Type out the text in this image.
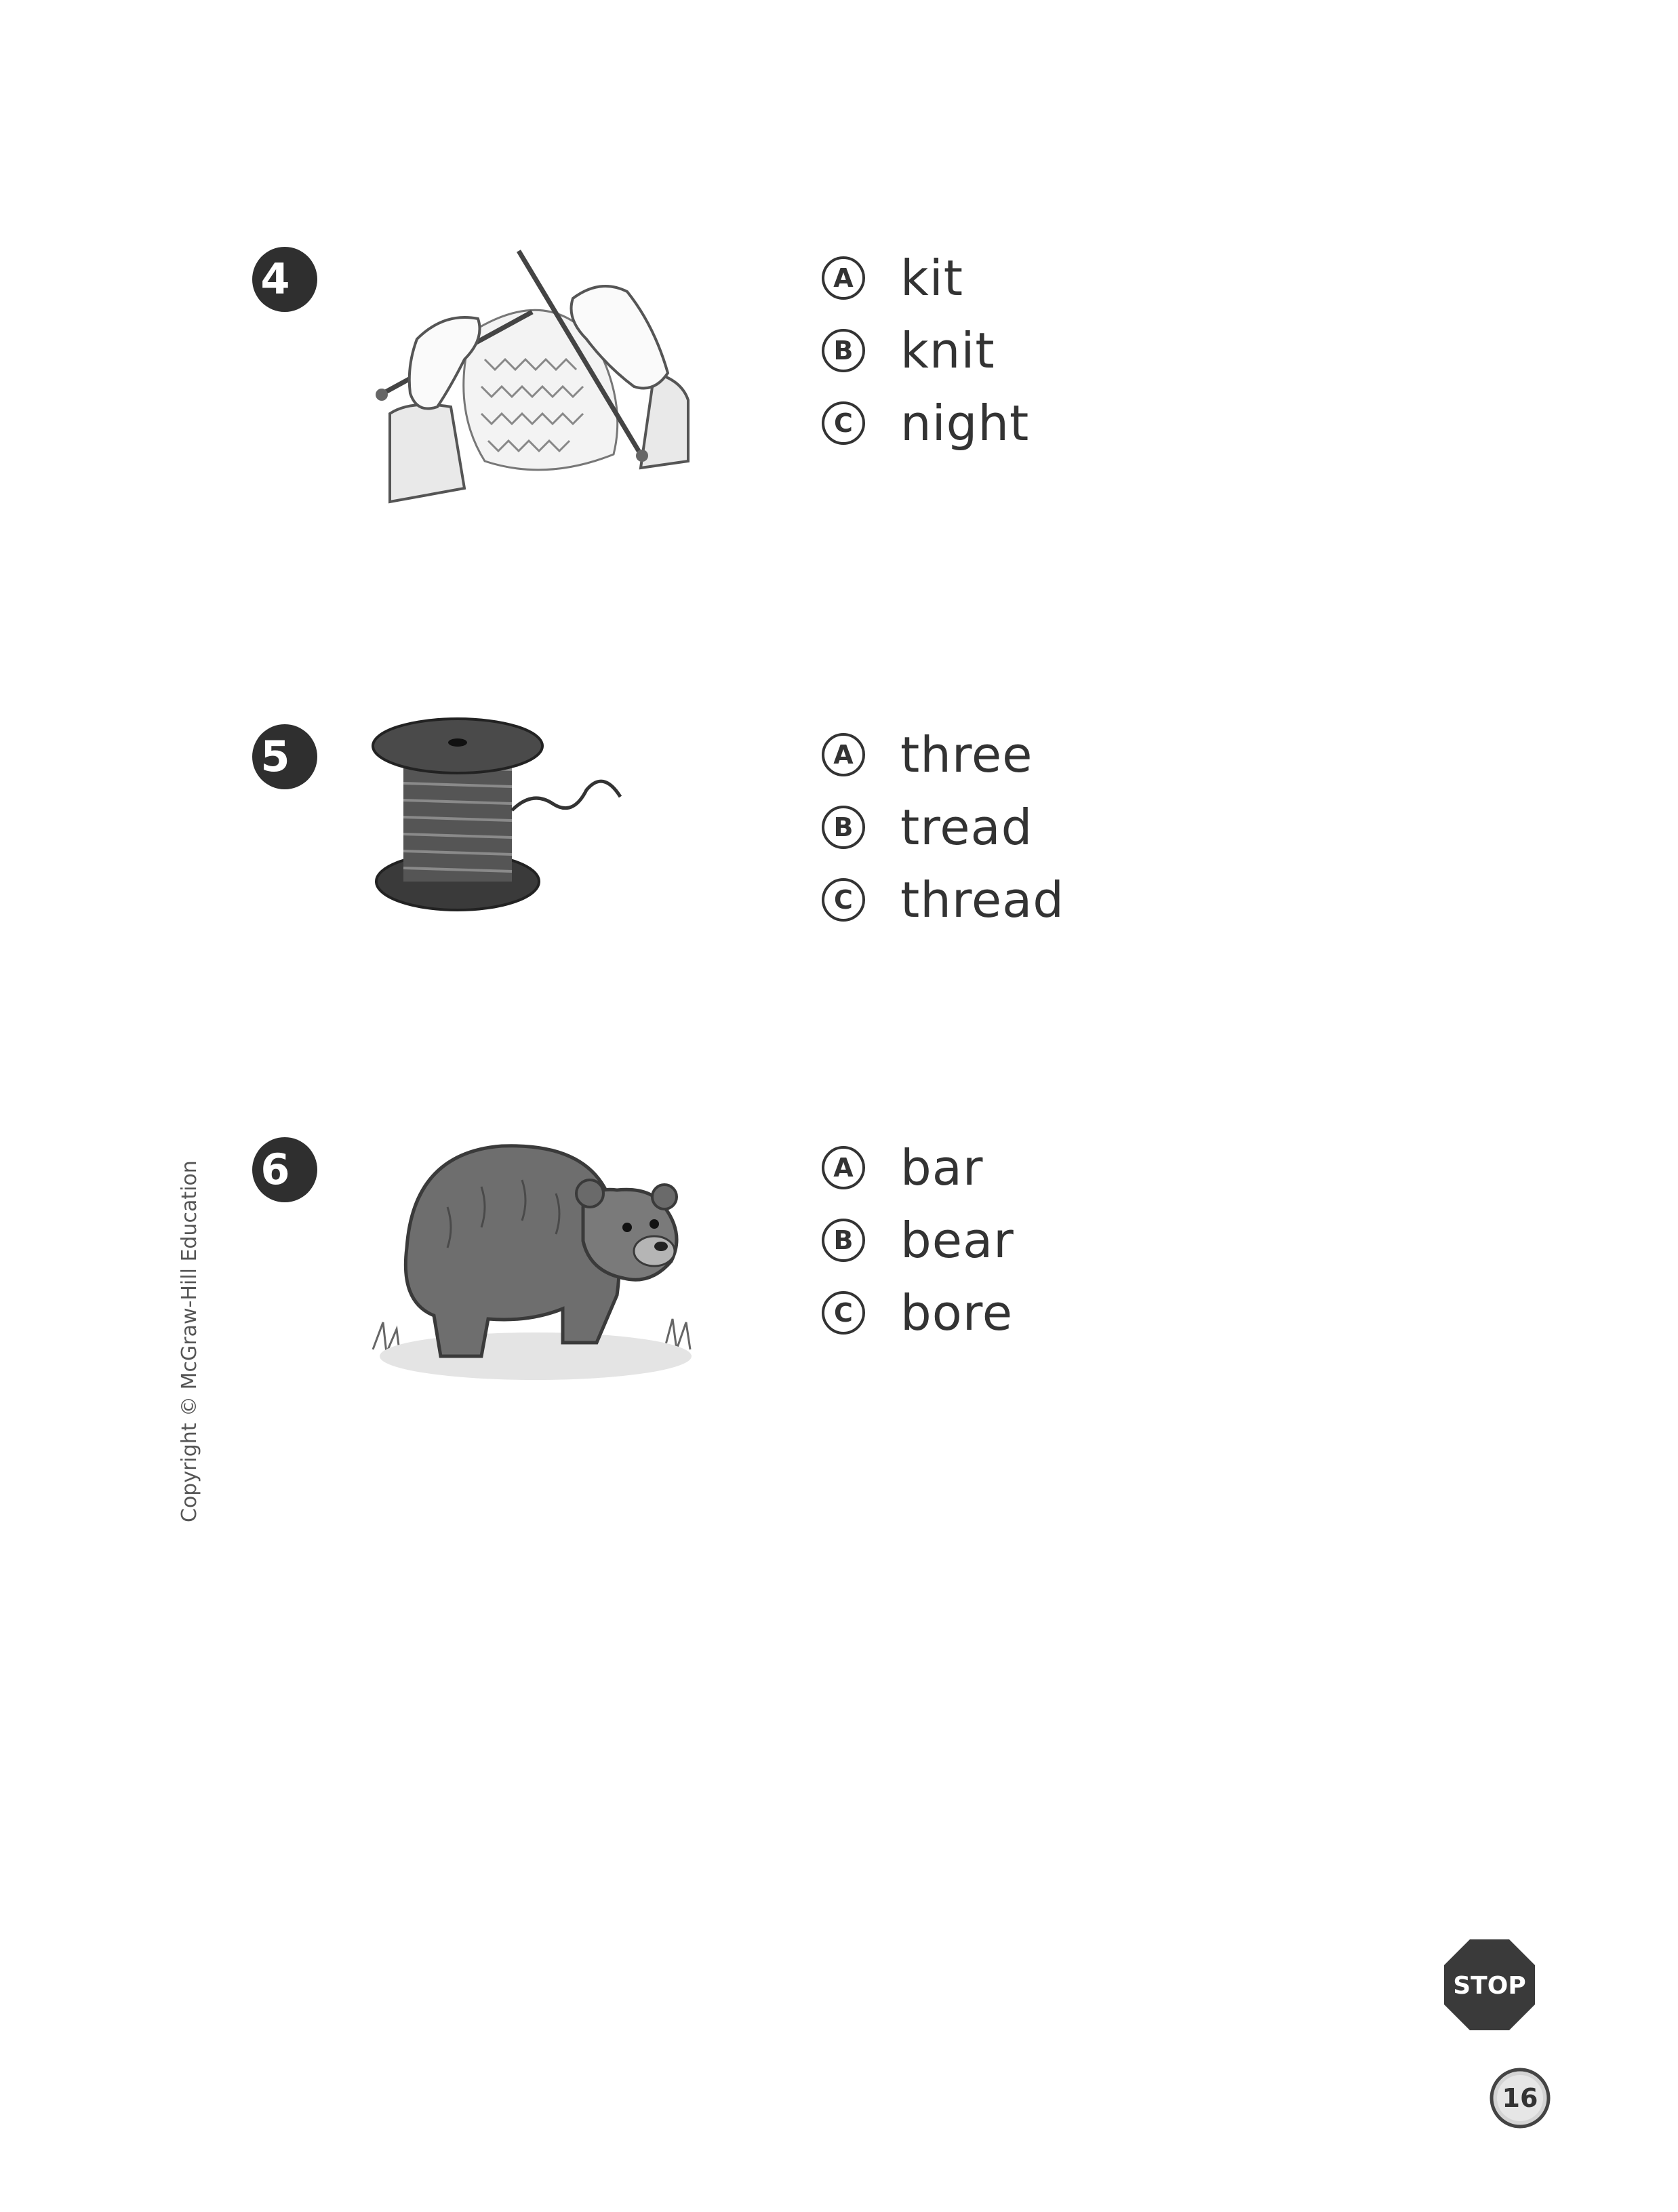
4	A kit
B knit
C night
5	A three
B tread
C thread
6	A bar
B bear
C bore
Copyright © McGraw-Hill Education
STOP
16
